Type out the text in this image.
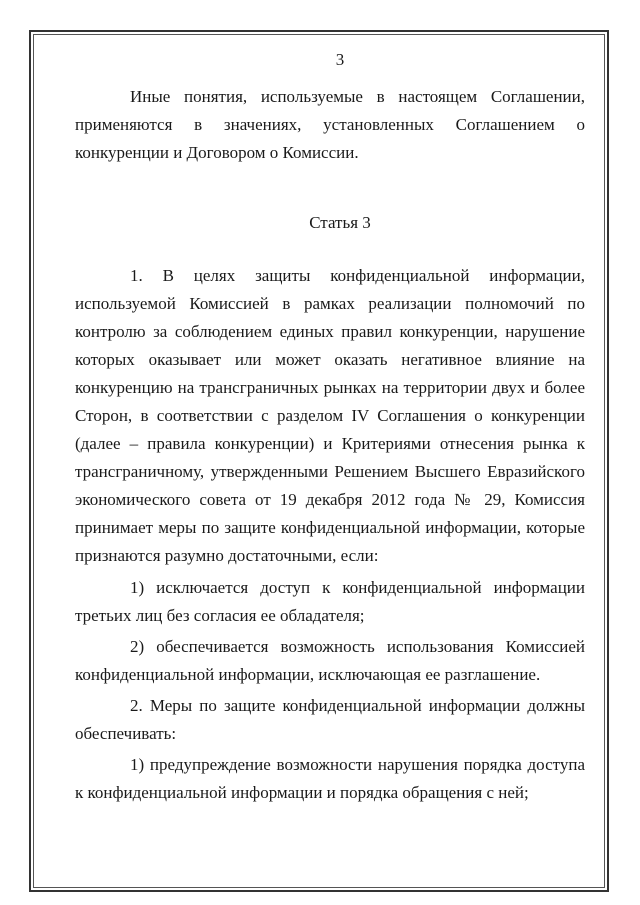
3

Иные понятия, используемые в настоящем Соглашении, применяются в значениях, установленных Соглашением о конкуренции и Договором о Комиссии.

Статья 3

1. В целях защиты конфиденциальной информации, используемой Комиссией в рамках реализации полномочий по контролю за соблюдением единых правил конкуренции, нарушение которых оказывает или может оказать негативное влияние на конкуренцию на трансграничных рынках на территории двух и более Сторон, в соответствии с разделом IV Соглашения о конкуренции (далее – правила конкуренции) и Критериями отнесения рынка к трансграничному, утвержденными Решением Высшего Евразийского экономического совета от 19 декабря 2012 года № 29, Комиссия принимает меры по защите конфиденциальной информации, которые признаются разумно достаточными, если:

1) исключается доступ к конфиденциальной информации третьих лиц без согласия ее обладателя;

2) обеспечивается возможность использования Комиссией конфиденциальной информации, исключающая ее разглашение.

2. Меры по защите конфиденциальной информации должны обеспечивать:

1) предупреждение возможности нарушения порядка доступа к конфиденциальной информации и порядка обращения с ней;
